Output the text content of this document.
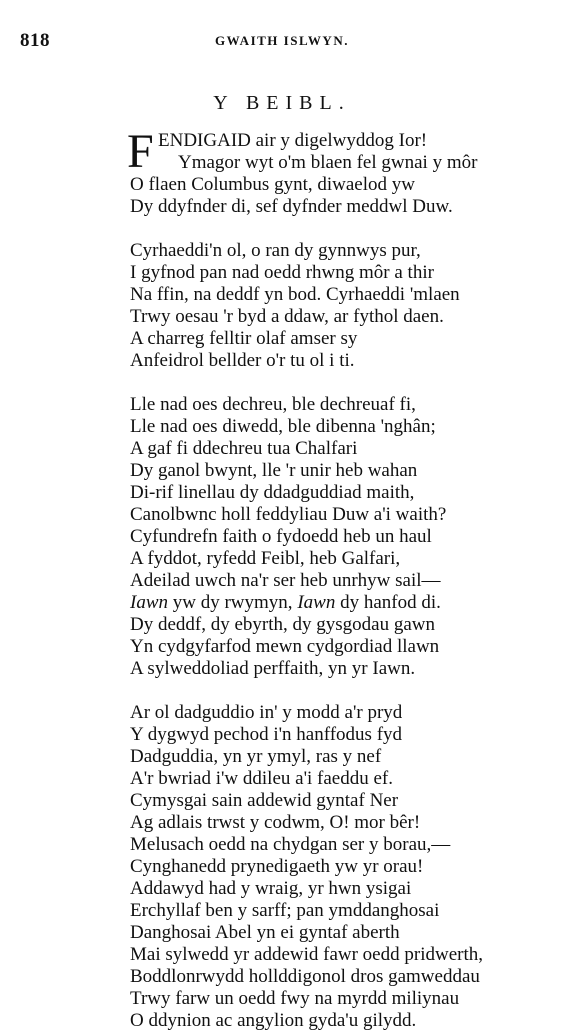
818	GWAITH ISLWYN.
Y BEIBL.
F ENDIGAID air y digelwyddog Ior!
Ymagor wyt o'm blaen fel gwnai y môr
O flaen Columbus gynt, diwaelod yw
Dy ddyfnder di, sef dyfnder meddwl Duw.
Cyrhaeddi'n ol, o ran dy gynnwys pur,
I gyfnod pan nad oedd rhwng môr a thir
Na ffin, na deddf yn bod. Cyrhaeddi 'mlaen
Trwy oesau 'r byd a ddaw, ar fythol daen.
A charreg felltir olaf amser sy
Anfeidrol bellder o'r tu ol i ti.
Lle nad oes dechreu, ble dechreuaf fi,
Lle nad oes diwedd, ble dibenna 'nghân;
A gaf fi ddechreu tua Chalfari
Dy ganol bwynt, lle 'r unir heb wahan
Di-rif linellau dy ddadguddiad maith,
Canolbwnc holl feddyliau Duw a'i waith?
Cyfundrefn faith o fydoedd heb un haul
A fyddot, ryfedd Feibl, heb Galfari,
Adeilad uwch na'r ser heb unrhyw sail—
Iawn yw dy rwymyn, Iawn dy hanfod di.
Dy deddf, dy ebyrth, dy gysgodau gawn
Yn cydgyfarfod mewn cydgordiad llawn
A sylweddoliad perffaith, yn yr Iawn.
Ar ol dadguddio in' y modd a'r pryd
Y dygwyd pechod i'n hanffodus fyd
Dadguddia, yn yr ymyl, ras y nef
A'r bwriad i'w ddileu a'i faeddu ef.
Cymysgai sain addewid gyntaf Ner
Ag adlais trwst y codwm, O! mor bêr!
Melusach oedd na chydgan ser y borau,—
Cynghanedd prynedigaeth yw yr orau!
Addawyd had y wraig, yr hwn ysigai
Erchyllaf ben y sarff; pan ymddanghosai
Danghosai Abel yn ei gyntaf aberth
Mai sylwedd yr addewid fawr oedd pridwerth,
Boddlonrwydd hollddigonol dros gamweddau
Trwy farw un oedd fwy na myrdd miliynau
O ddynion ac angylion gyda'u gilydd.
